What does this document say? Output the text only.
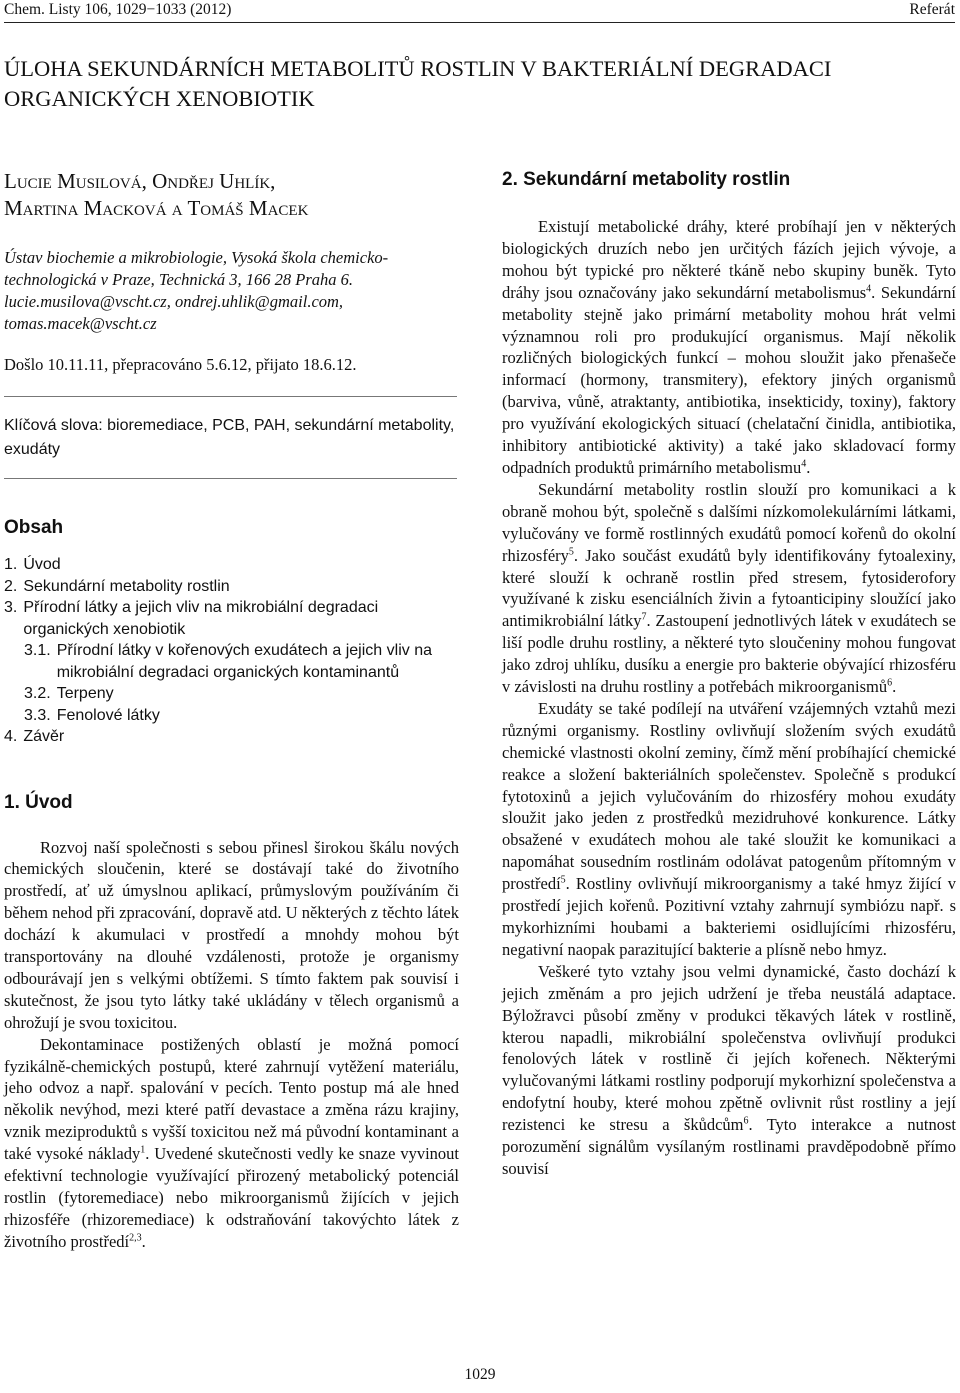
Chem. Listy 106, 1029−1033 (2012)	Referát
ÚLOHA SEKUNDÁRNÍCH METABOLITŮ ROSTLIN V BAKTERIÁLNÍ DEGRADACI ORGANICKÝCH XENOBIOTIK

Lucie Musilová, Ondřej Uhlík,
Martina Macková a Tomáš Macek

Ústav biochemie a mikrobiologie, Vysoká škola chemicko-
technologická v Praze, Technická 3, 166 28 Praha 6.
lucie.musilova@vscht.cz, ondrej.uhlik@gmail.com,
tomas.macek@vscht.cz
Došlo 10.11.11, přepracováno 5.6.12, přijato 18.6.12.
Klíčová slova: bioremediace, PCB, PAH, sekundární metabolity, exudáty
Obsah
1. Úvod
2. Sekundární metabolity rostlin
3. Přírodní látky a jejich vliv na mikrobiální degradaci organických xenobiotik
3.1. Přírodní látky v kořenových exudátech a jejich vliv na mikrobiální degradaci organických kontaminantů
3.2. Terpeny
3.3. Fenolové látky
4. Závěr
1. Úvod

Rozvoj naší společnosti s sebou přinesl širokou škálu nových chemických sloučenin, které se dostávají také do životního prostředí, ať už úmyslnou aplikací, průmyslovým používáním či během nehod při zpracování, dopravě atd. U některých z těchto látek dochází k akumulaci v prostředí a mnohdy mohou být transportovány na dlouhé vzdálenosti, protože je organismy odbourávají jen s velkými obtížemi. S tímto faktem pak souvisí i skutečnost, že jsou tyto látky také ukládány v tělech organismů a ohrožují je svou toxicitou.

Dekontaminace postižených oblastí je možná pomocí fyzikálně-chemických postupů, které zahrnují vytěžení materiálu, jeho odvoz a např. spalování v pecích. Tento postup má ale hned několik nevýhod, mezi které patří devastace a změna rázu krajiny, vznik meziproduktů s vyšší toxicitou než má původní kontaminant a také vysoké náklady$^1$. Uvedené skutečnosti vedly ke snaze vyvinout efektivní technologie využívající přirozený metabolický potenciál rostlin (fytoremediace) nebo mikroorganismů žijících v jejich rhizosféře (rhizoremediace) k odstraňování takovýchto látek z životního prostředí$^{2,3}$.

2. Sekundární metabolity rostlin

Existují metabolické dráhy, které probíhají jen v některých biologických druzích nebo jen určitých fázích jejich vývoje, a mohou být typické pro některé tkáně nebo skupiny buněk. Tyto dráhy jsou označovány jako sekundární metabolismus$^4$. Sekundární metabolity stejně jako primární metabolity mohou hrát velmi významnou roli pro produkující organismus. Mají několik rozličných biologických funkcí – mohou sloužit jako přenašeče informací (hormony, transmitery), efektory jiných organismů (barviva, vůně, atraktanty, antibiotika, insekticidy, toxiny), faktory pro využívání ekologických situací (chelatační činidla, antibiotika, inhibitory antibiotické aktivity) a také jako skladovací formy odpadních produktů primárního metabolismu$^4$.

Sekundární metabolity rostlin slouží pro komunikaci a k obraně mohou být, společně s dalšími nízkomolekulárními látkami, vylučovány ve formě rostlinných exudátů pomocí kořenů do okolní rhizosféry$^5$. Jako součást exudátů byly identifikovány fytoalexiny, které slouží k ochraně rostlin před stresem, fytosiderofory využívané k zisku esenciálních živin a fytoanticipiny sloužící jako antimikrobiální látky$^7$. Zastoupení jednotlivých látek v exudátech se liší podle druhu rostliny, a některé tyto sloučeniny mohou fungovat jako zdroj uhlíku, dusíku a energie pro bakterie obývající rhizosféru v závislosti na druhu rostliny a potřebách mikroorganismů$^6$.

Exudáty se také podílejí na utváření vzájemných vztahů mezi různými organismy. Rostliny ovlivňují složením svých exudátů chemické vlastnosti okolní zeminy, čímž mění probíhající chemické reakce a složení bakteriálních společenstev. Společně s produkcí fytotoxinů a jejich vylučováním do rhizosféry mohou exudáty sloužit jako jeden z prostředků mezidruhové konkurence. Látky obsažené v exudátech mohou ale také sloužit ke komunikaci a napomáhat sousedním rostlinám odolávat patogenům přítomným v prostředí$^5$. Rostliny ovlivňují mikroorganismy a také hmyz žijící v prostředí jejich kořenů. Pozitivní vztahy zahrnují symbiózu např. s mykorhizními houbami a bakteriemi osidlujícími rhizosféru, negativní naopak parazitující bakterie a plísně nebo hmyz.

Veškeré tyto vztahy jsou velmi dynamické, často dochází k jejich změnám a pro jejich udržení je třeba neustálá adaptace. Býložravci působí změny v produkci těkavých látek v rostlině, kterou napadli, mikrobiální společenstva ovlivňují produkci fenolových látek v rostlině či jejích kořenech. Některými vylučovanými látkami rostliny podporují mykorhizní společenstva a endofytní houby, které mohou zpětně ovlivnit růst rostliny a její rezistenci ke stresu a škůdcům$^6$. Tyto interakce a nutnost porozumění signálům vysílaným rostlinami pravděpodobně přímo souvisí

1029
